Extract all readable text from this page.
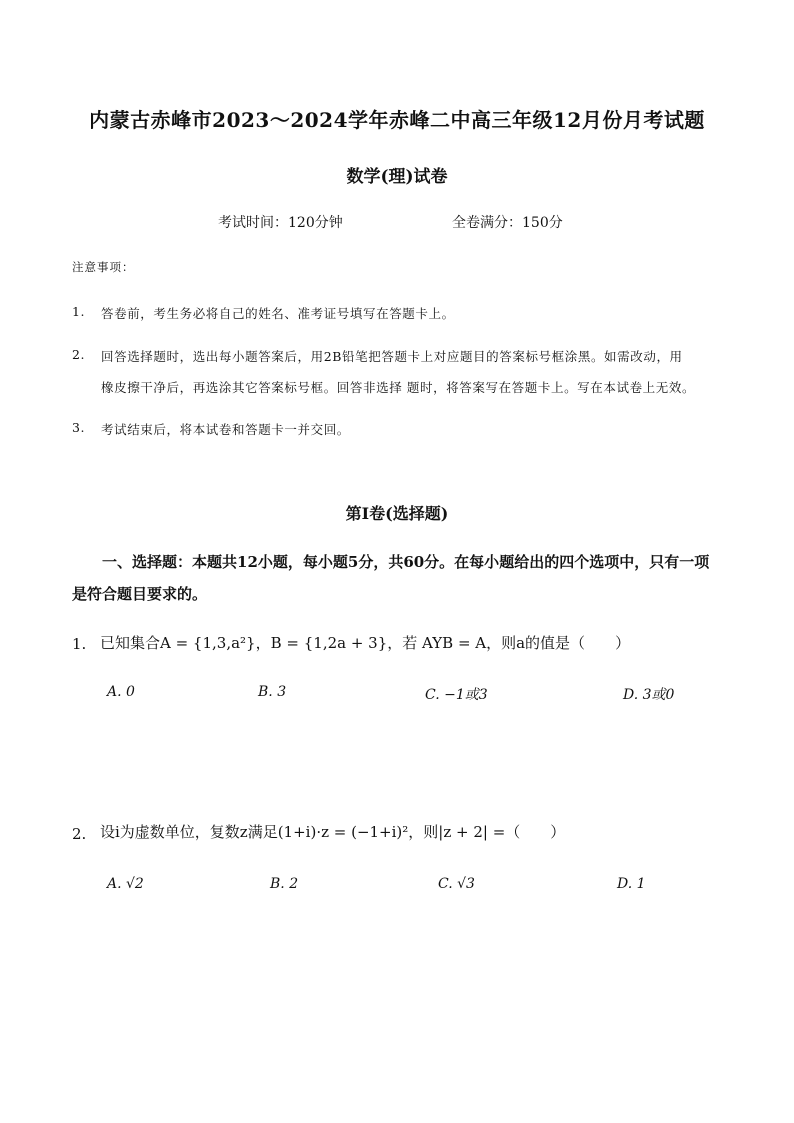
内蒙古赤峰市2023～2024学年赤峰二中高三年级12月份月考试题
数学(理)试卷
考试时间：120分钟	全卷满分：150分
注意事项：
1. 答卷前，考生务必将自己的姓名、准考证号填写在答题卡上。
2. 回答选择题时，选出每小题答案后，用2B铅笔把答题卡上对应题目的答案标号框涂黑。如需改动，用
橡皮擦干净后，再选涂其它答案标号框。回答非选择 题时，将答案写在答题卡上。写在本试卷上无效。
3. 考试结束后，将本试卷和答题卡一并交回。
第Ⅰ卷(选择题)
一、选择题：本题共12小题，每小题5分，共60分。在每小题给出的四个选项中，只有一项是符合题目要求的。
1. 已知集合A = {1,3,a²}，B = {1,2a + 3}，若 AYB = A，则a的值是（　　）
A. 0	B. 3	C. −1或3	D. 3或0
2. 设i为虚数单位，复数z满足(1+i)·z = (−1+i)²，则|z + 2| =（　　）
A. √2	B. 2	C. √3	D. 1
